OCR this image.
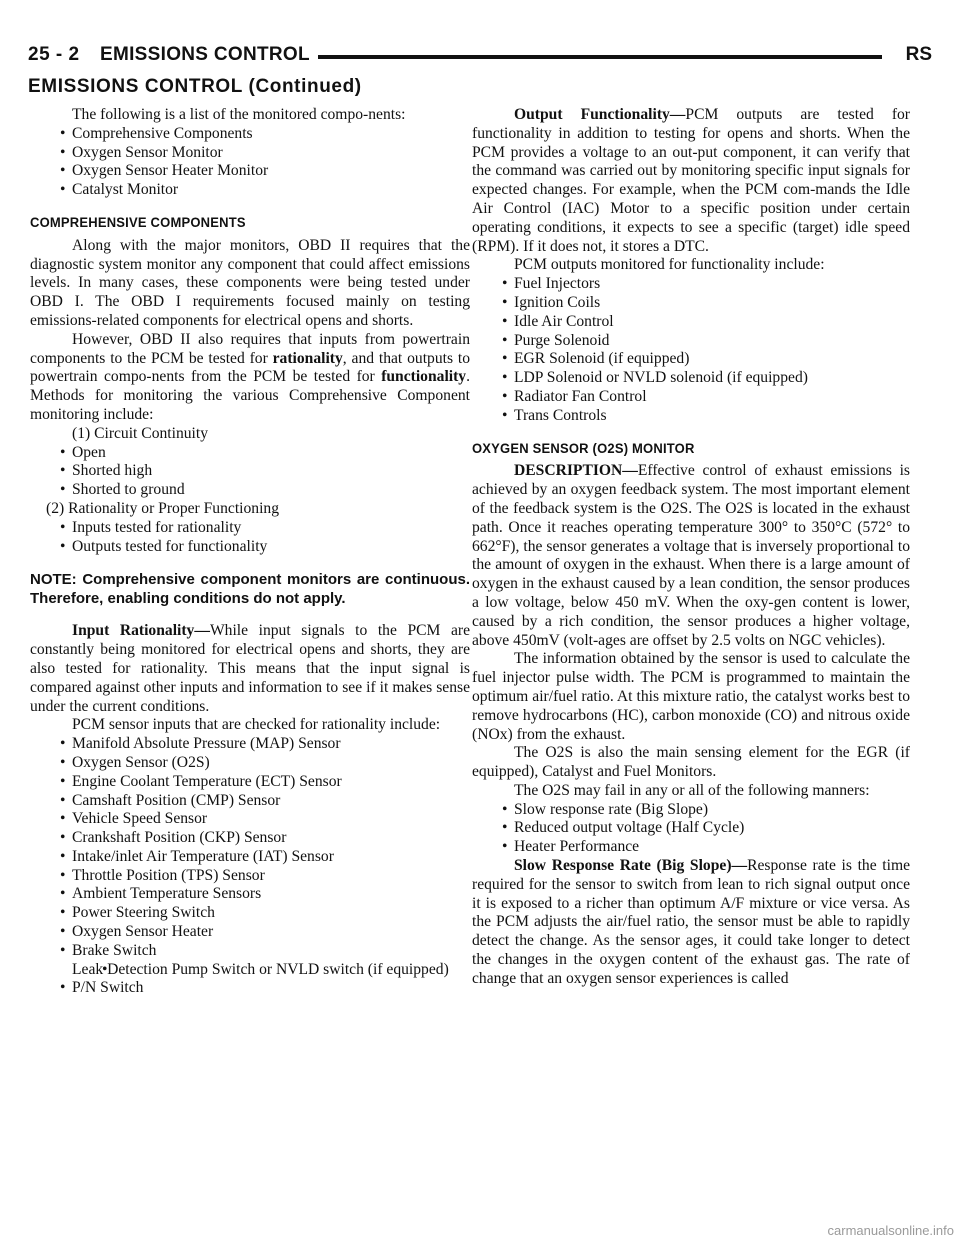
25 - 2 EMISSIONS CONTROL	RS
EMISSIONS CONTROL (Continued)

The following is a list of the monitored compo-nents:

• Comprehensive Components

• Oxygen Sensor Monitor

• Oxygen Sensor Heater Monitor

• Catalyst Monitor

COMPREHENSIVE COMPONENTS

Along with the major monitors, OBD II requires that the diagnostic system monitor any component that could affect emissions levels. In many cases, these components were being tested under OBD I. The OBD I requirements focused mainly on testing emissions-related components for electrical opens and shorts.

However, OBD II also requires that inputs from powertrain components to the PCM be tested for rationality, and that outputs to powertrain compo-nents from the PCM be tested for functionality. Methods for monitoring the various Comprehensive Component monitoring include:

(1) Circuit Continuity

• Open

• Shorted high

• Shorted to ground

(2) Rationality or Proper Functioning

• Inputs tested for rationality

• Outputs tested for functionality

NOTE: Comprehensive component monitors are continuous. Therefore, enabling conditions do not apply.

Input Rationality—While input signals to the PCM are constantly being monitored for electrical opens and shorts, they are also tested for rationality. This means that the input signal is compared against other inputs and information to see if it makes sense under the current conditions.

PCM sensor inputs that are checked for rationality include:

• Manifold Absolute Pressure (MAP) Sensor

• Oxygen Sensor (O2S)

• Engine Coolant Temperature (ECT) Sensor

• Camshaft Position (CMP) Sensor

• Vehicle Speed Sensor

• Crankshaft Position (CKP) Sensor

• Intake/inlet Air Temperature (IAT) Sensor

• Throttle Position (TPS) Sensor

• Ambient Temperature Sensors

• Power Steering Switch

• Oxygen Sensor Heater

• Brake Switch

• Leak Detection Pump Switch or NVLD switch (if equipped)

• P/N Switch

Output Functionality—PCM outputs are tested for functionality in addition to testing for opens and shorts. When the PCM provides a voltage to an out-put component, it can verify that the command was carried out by monitoring specific input signals for expected changes. For example, when the PCM com-mands the Idle Air Control (IAC) Motor to a specific position under certain operating conditions, it expects to see a specific (target) idle speed (RPM). If it does not, it stores a DTC.

PCM outputs monitored for functionality include:

• Fuel Injectors

• Ignition Coils

• Idle Air Control

• Purge Solenoid

• EGR Solenoid (if equipped)

• LDP Solenoid or NVLD solenoid (if equipped)

• Radiator Fan Control

• Trans Controls

OXYGEN SENSOR (O2S) MONITOR

DESCRIPTION—Effective control of exhaust emissions is achieved by an oxygen feedback system. The most important element of the feedback system is the O2S. The O2S is located in the exhaust path. Once it reaches operating temperature 300° to 350°C (572° to 662°F), the sensor generates a voltage that is inversely proportional to the amount of oxygen in the exhaust. When there is a large amount of oxygen in the exhaust caused by a lean condition, the sensor produces a low voltage, below 450 mV. When the oxy-gen content is lower, caused by a rich condition, the sensor produces a higher voltage, above 450mV (volt-ages are offset by 2.5 volts on NGC vehicles).

The information obtained by the sensor is used to calculate the fuel injector pulse width. The PCM is programmed to maintain the optimum air/fuel ratio. At this mixture ratio, the catalyst works best to remove hydrocarbons (HC), carbon monoxide (CO) and nitrous oxide (NOx) from the exhaust.

The O2S is also the main sensing element for the EGR (if equipped), Catalyst and Fuel Monitors.

The O2S may fail in any or all of the following manners:

• Slow response rate (Big Slope)

• Reduced output voltage (Half Cycle)

• Heater Performance

Slow Response Rate (Big Slope)—Response rate is the time required for the sensor to switch from lean to rich signal output once it is exposed to a richer than optimum A/F mixture or vice versa. As the PCM adjusts the air/fuel ratio, the sensor must be able to rapidly detect the change. As the sensor ages, it could take longer to detect the changes in the oxygen content of the exhaust gas. The rate of change that an oxygen sensor experiences is called

carmanualsonline.info
